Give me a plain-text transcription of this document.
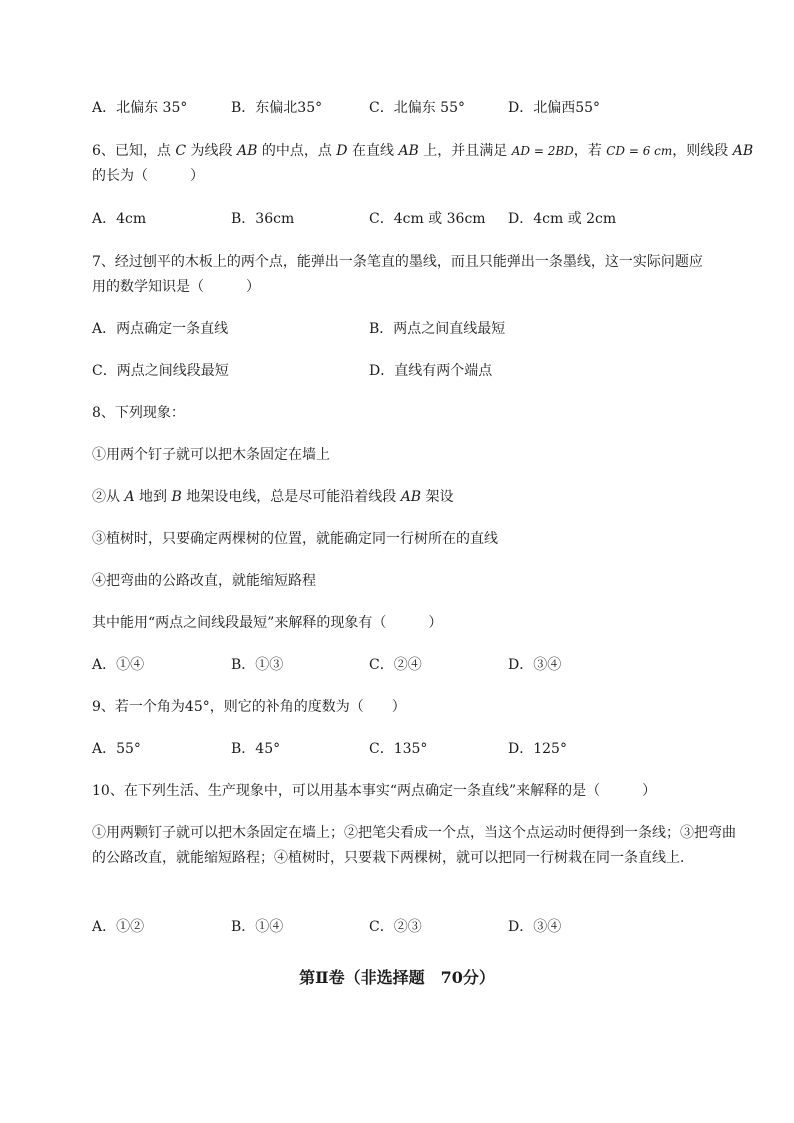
A．北偏东 35°	B．东偏北35°	C．北偏东 55°	D．北偏西55°
6、已知，点 C 为线段 AB 的中点，点 D 在直线 AB 上，并且满足 AD = 2BD，若 CD = 6 cm，则线段 AB
的长为（　　　）
A．4cm	B．36cm	C．4cm 或 36cm D．4cm 或 2cm
7、经过刨平的木板上的两个点，能弹出一条笔直的墨线，而且只能弹出一条墨线，这一实际问题应
用的数学知识是（　　　）
A．两点确定一条直线	B．两点之间直线最短
C．两点之间线段最短	D．直线有两个端点
8、下列现象：
①用两个钉子就可以把木条固定在墙上
②从 A 地到 B 地架设电线，总是尽可能沿着线段 AB 架设
③植树时，只要确定两棵树的位置，就能确定同一行树所在的直线
④把弯曲的公路改直，就能缩短路程
其中能用“两点之间线段最短”来解释的现象有（　　　）
A．①④	B．①③	C．②④	D．③④
9、若一个角为45°，则它的补角的度数为（　　）
A．55°	B．45°	C．135°	D．125°
10、在下列生活、生产现象中，可以用基本事实“两点确定一条直线”来解释的是（　　　）
①用两颗钉子就可以把木条固定在墙上；②把笔尖看成一个点，当这个点运动时便得到一条线；③把弯曲的公路改直，就能缩短路程；④植树时，只要栽下两棵树，就可以把同一行树栽在同一条直线上．
A．①②	B．①④	C．②③	D．③④
第Ⅱ卷（非选择题　70分）
